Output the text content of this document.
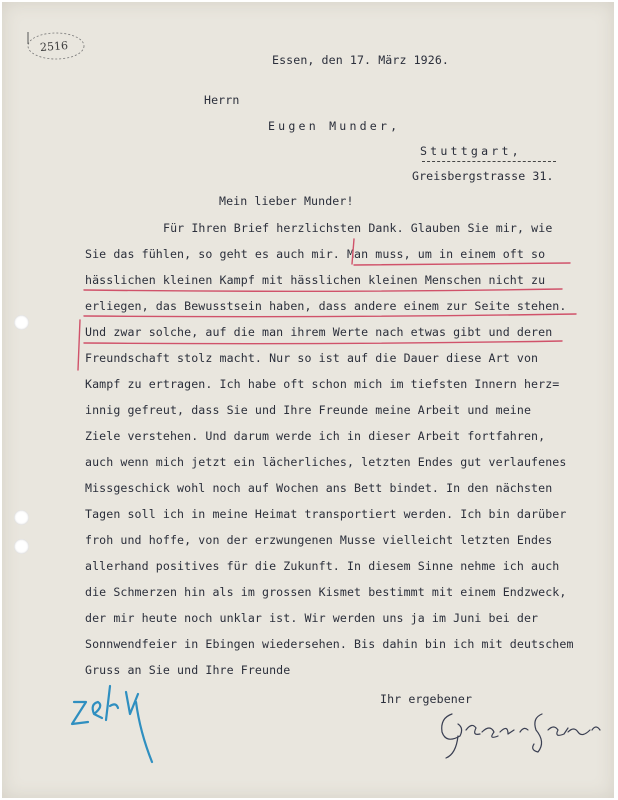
2516
Essen, den 17. März 1926.
Herrn
Eugen Munder,
Stuttgart,
Greisbergstrasse 31.
Mein lieber Munder!
Für Ihren Brief herzlichsten Dank. Glauben Sie mir, wie
Sie das fühlen, so geht es auch mir. Man muss, um in einem oft so
hässlichen kleinen Kampf mit hässlichen kleinen Menschen nicht zu
erliegen, das Bewusstsein haben, dass andere einem zur Seite stehen.
Und zwar solche, auf die man ihrem Werte nach etwas gibt und deren
Freundschaft stolz macht. Nur so ist auf die Dauer diese Art von
Kampf zu ertragen. Ich habe oft schon mich im tiefsten Innern herz=
innig gefreut, dass Sie und Ihre Freunde meine Arbeit und meine
Ziele verstehen. Und darum werde ich in dieser Arbeit fortfahren,
auch wenn mich jetzt ein lächerliches, letzten Endes gut verlaufenes
Missgeschick wohl noch auf Wochen ans Bett bindet. In den nächsten
Tagen soll ich in meine Heimat transportiert werden. Ich bin darüber
froh und hoffe, von der erzwungenen Musse vielleicht letzten Endes
allerhand positives für die Zukunft. In diesem Sinne nehme ich auch
die Schmerzen hin als im grossen Kismet bestimmt mit einem Endzweck,
der mir heute noch unklar ist. Wir werden uns ja im Juni bei der
Sonnwendfeier in Ebingen wiedersehen. Bis dahin bin ich mit deutschem
Gruss an Sie und Ihre Freunde
Ihr ergebener
